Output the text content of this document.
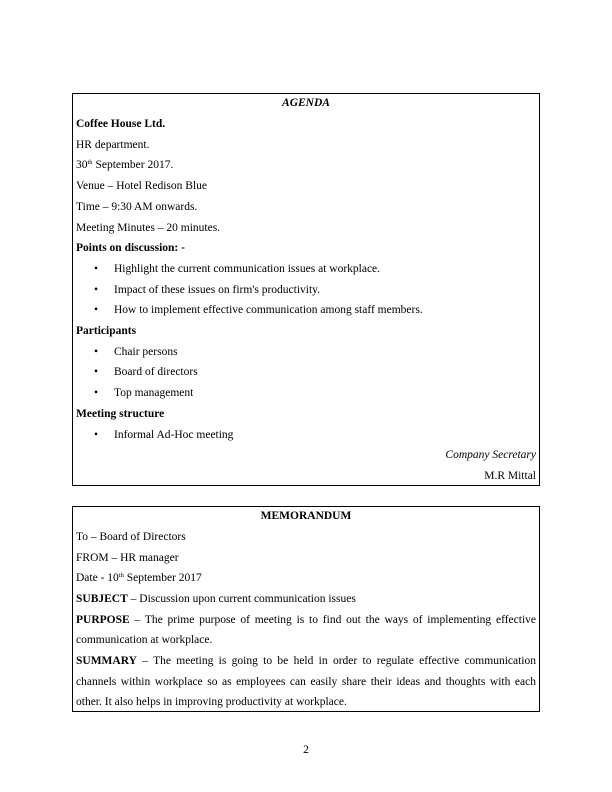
AGENDA
Coffee House Ltd.
HR department.
30th September 2017.
Venue – Hotel Redison Blue
Time – 9:30 AM onwards.
Meeting Minutes – 20 minutes.
Points on discussion: -
• Highlight the current communication issues at workplace.
• Impact of these issues on firm's productivity.
• How to implement effective communication among staff members.
Participants
• Chair persons
• Board of directors
• Top management
Meeting structure
• Informal Ad-Hoc meeting
Company Secretary
M.R Mittal
MEMORANDUM
To – Board of Directors
FROM – HR manager
Date - 10th September 2017
SUBJECT – Discussion upon current communication issues
PURPOSE – The prime purpose of meeting is to find out the ways of implementing effective
communication at workplace.
SUMMARY – The meeting is going to be held in order to regulate effective communication
channels within workplace so as employees can easily share their ideas and thoughts with each
other. It also helps in improving productivity at workplace.
2
